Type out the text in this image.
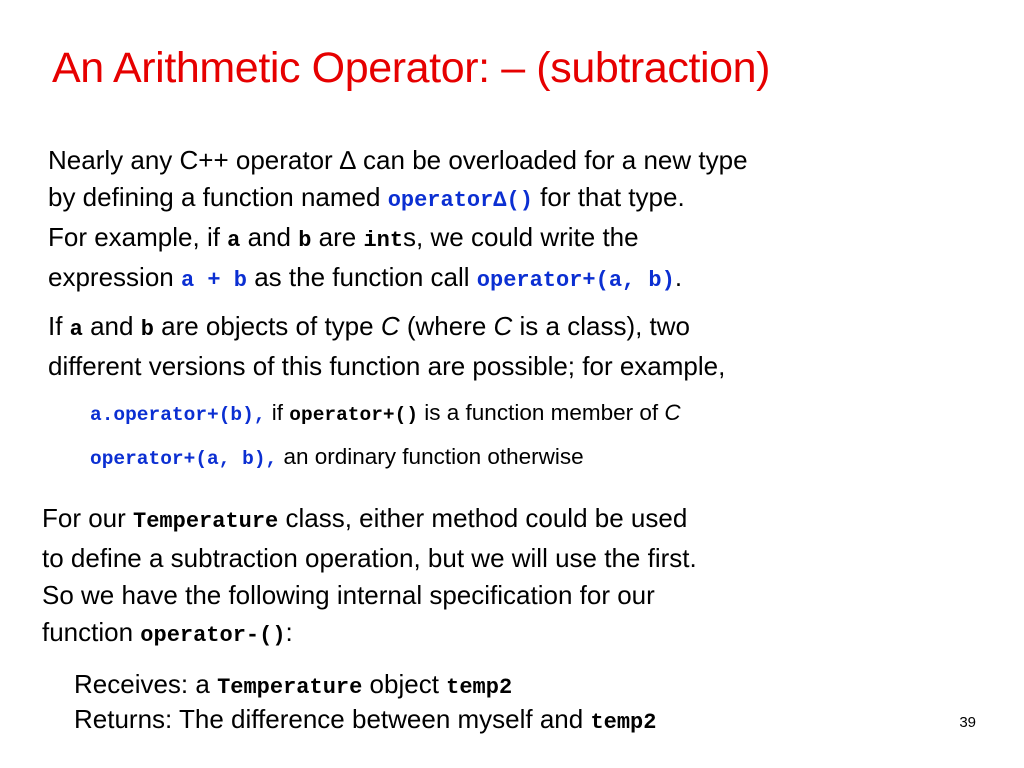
An Arithmetic Operator: – (subtraction)
Nearly any C++ operator ∆ can be overloaded for a new type
by defining a function named operator∆() for that type.
For example, if a and b are ints, we could write the
expression a + b as the function call operator+(a, b).
If a and b are objects of type C (where C is a class), two
different versions of this function are possible; for example,
a.operator+(b), if operator+() is a function member of C
operator+(a, b), an ordinary function otherwise
For our Temperature class, either method could be used
to define a subtraction operation, but we will use the first.
So we have the following internal specification for our
function operator-():
Receives: a Temperature object temp2
Returns: The difference between myself and temp2	39
